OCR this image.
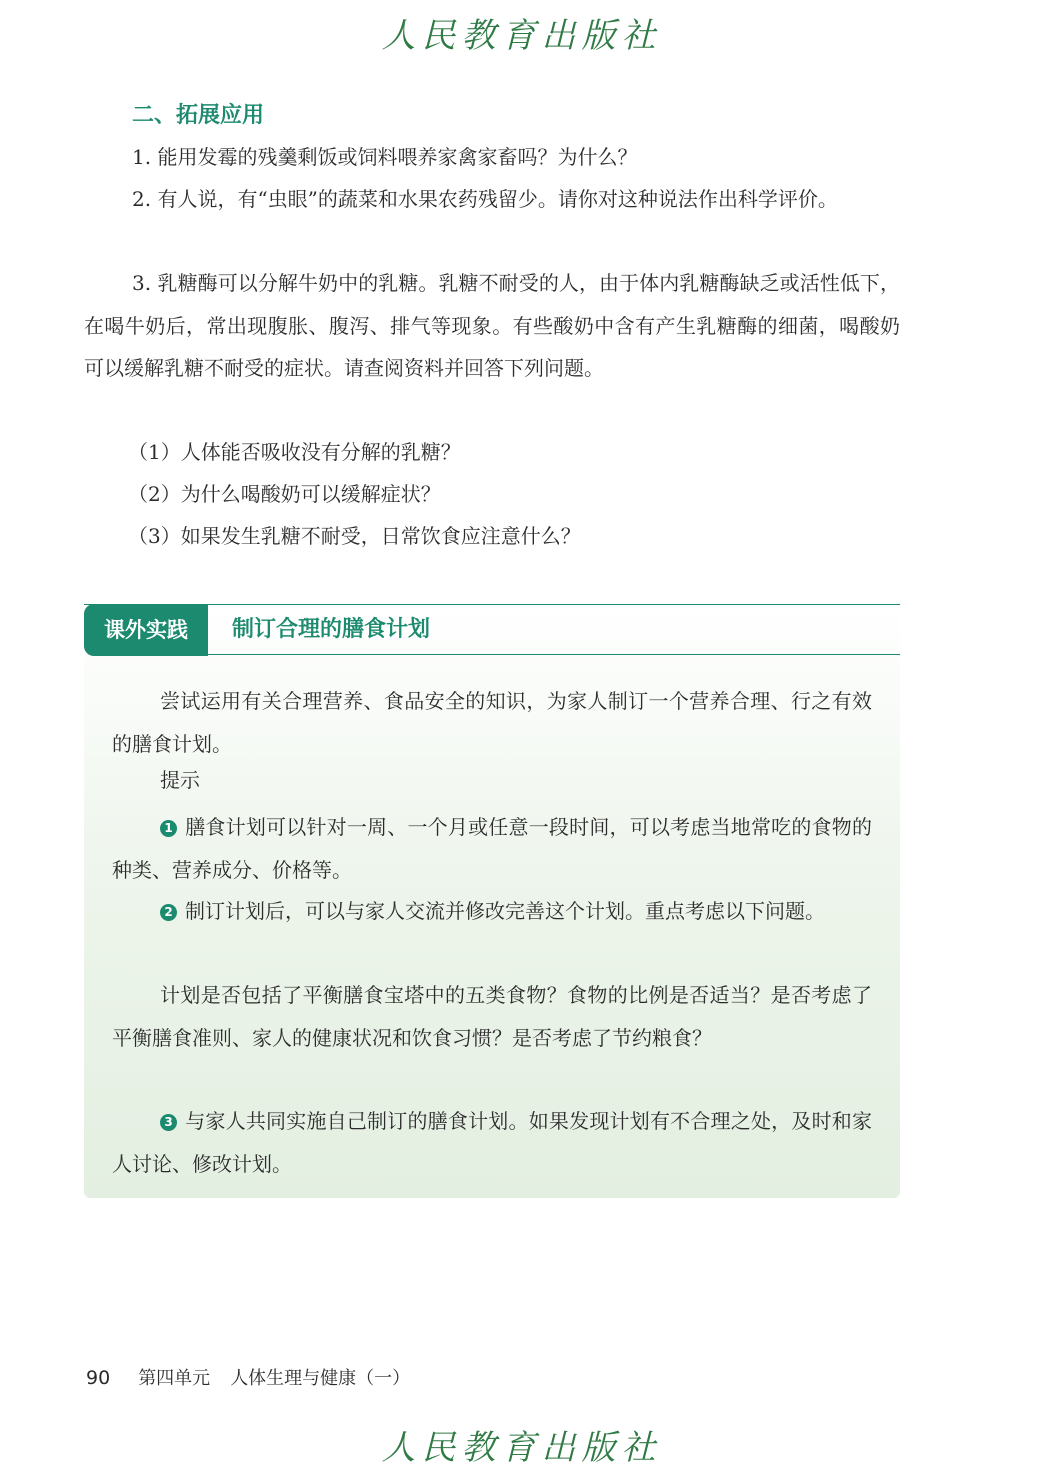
人民教育出版社
二、拓展应用

1. 能用发霉的残羹剩饭或饲料喂养家禽家畜吗？为什么？

2. 有人说，有“虫眼”的蔬菜和水果农药残留少。请你对这种说法作出科学评价。

3. 乳糖酶可以分解牛奶中的乳糖。乳糖不耐受的人，由于体内乳糖酶缺乏或活性低下，在喝牛奶后，常出现腹胀、腹泻、排气等现象。有些酸奶中含有产生乳糖酶的细菌，喝酸奶可以缓解乳糖不耐受的症状。请查阅资料并回答下列问题。

（1）人体能否吸收没有分解的乳糖？

（2）为什么喝酸奶可以缓解症状？

（3）如果发生乳糖不耐受，日常饮食应注意什么？

课外实践	制订合理的膳食计划

尝试运用有关合理营养、食品安全的知识，为家人制订一个营养合理、行之有效的膳食计划。

提示

1 膳食计划可以针对一周、一个月或任意一段时间，可以考虑当地常吃的食物的种类、营养成分、价格等。

2 制订计划后，可以与家人交流并修改完善这个计划。重点考虑以下问题。

计划是否包括了平衡膳食宝塔中的五类食物？食物的比例是否适当？是否考虑了平衡膳食准则、家人的健康状况和饮食习惯？是否考虑了节约粮食？

3 与家人共同实施自己制订的膳食计划。如果发现计划有不合理之处，及时和家人讨论、修改计划。

90 第四单元 人体生理与健康（一）
人民教育出版社
